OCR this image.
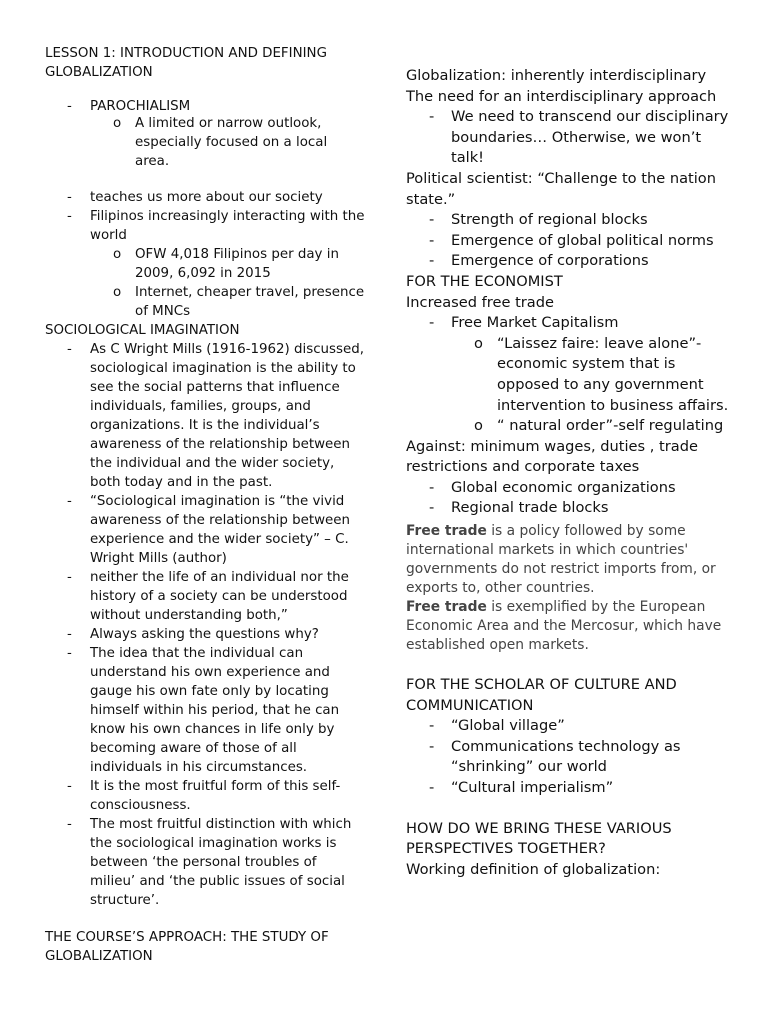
LESSON 1: INTRODUCTION AND DEFINING
GLOBALIZATION
- PAROCHIALISM
o A limited or narrow outlook, especially focused on a local area.
- teaches us more about our society
- Filipinos increasingly interacting with the world
o OFW 4,018 Filipinos per day in 2009, 6,092 in 2015
o Internet, cheaper travel, presence of MNCs
SOCIOLOGICAL IMAGINATION
- As C Wright Mills (1916-1962) discussed, sociological imagination is the ability to see the social patterns that influence individuals, families, groups, and organizations. It is the individual’s awareness of the relationship between the individual and the wider society, both today and in the past.
- “Sociological imagination is “the vivid awareness of the relationship between experience and the wider society” – C. Wright Mills (author)
- neither the life of an individual nor the history of a society can be understood without understanding both,”
- Always asking the questions why?
- The idea that the individual can understand his own experience and gauge his own fate only by locating himself within his period, that he can know his own chances in life only by becoming aware of those of all individuals in his circumstances.
- It is the most fruitful form of this self-consciousness.
- The most fruitful distinction with which the sociological imagination works is between ‘the personal troubles of milieu’ and ‘the public issues of social structure’.
THE COURSE’S APPROACH: THE STUDY OF
GLOBALIZATION
Globalization: inherently interdisciplinary
The need for an interdisciplinary approach
- We need to transcend our disciplinary boundaries… Otherwise, we won’t talk!
Political scientist: “Challenge to the nation state.”
- Strength of regional blocks
- Emergence of global political norms
- Emergence of corporations
FOR THE ECONOMIST
Increased free trade
- Free Market Capitalism
o “Laissez faire: leave alone”- economic system that is opposed to any government intervention to business affairs.
o “ natural order”-self regulating
Against: minimum wages, duties , trade restrictions and corporate taxes
- Global economic organizations
- Regional trade blocks
Free trade is a policy followed by some international markets in which countries' governments do not restrict imports from, or exports to, other countries.
Free trade is exemplified by the European Economic Area and the Mercosur, which have established open markets.
FOR THE SCHOLAR OF CULTURE AND
COMMUNICATION
- “Global village”
- Communications technology as “shrinking” our world
- “Cultural imperialism”
HOW DO WE BRING THESE VARIOUS
PERSPECTIVES TOGETHER?
Working definition of globalization:
